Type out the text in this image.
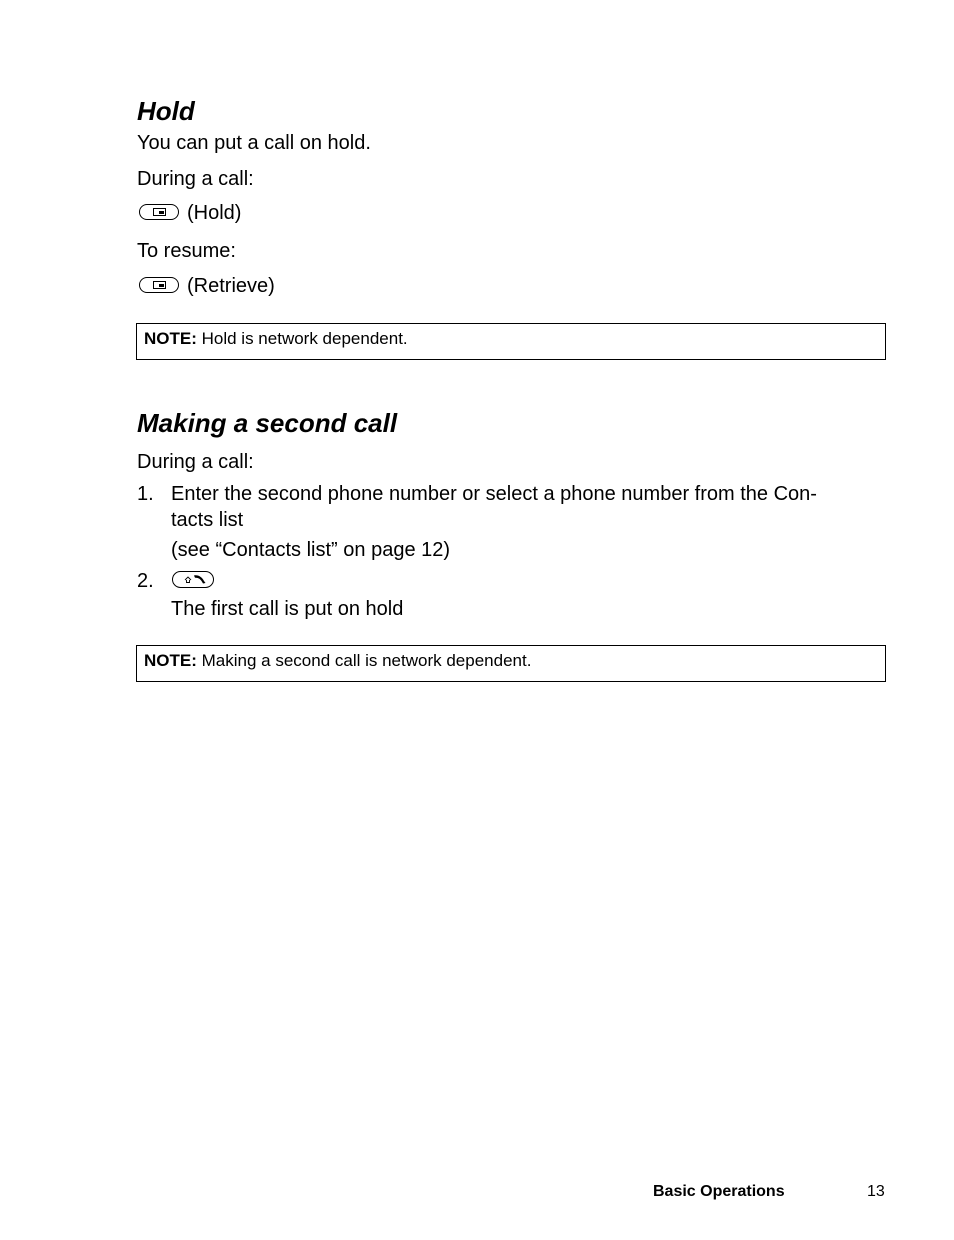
Hold
You can put a call on hold.
During a call:
(Hold)
To resume:
(Retrieve)
NOTE: Hold is network dependent.
Making a second call
During a call:
1. Enter the second phone number or select a phone number from the Con-
tacts list
(see “Contacts list” on page 12)
2.
The first call is put on hold
NOTE: Making a second call is network dependent.
Basic Operations	13
